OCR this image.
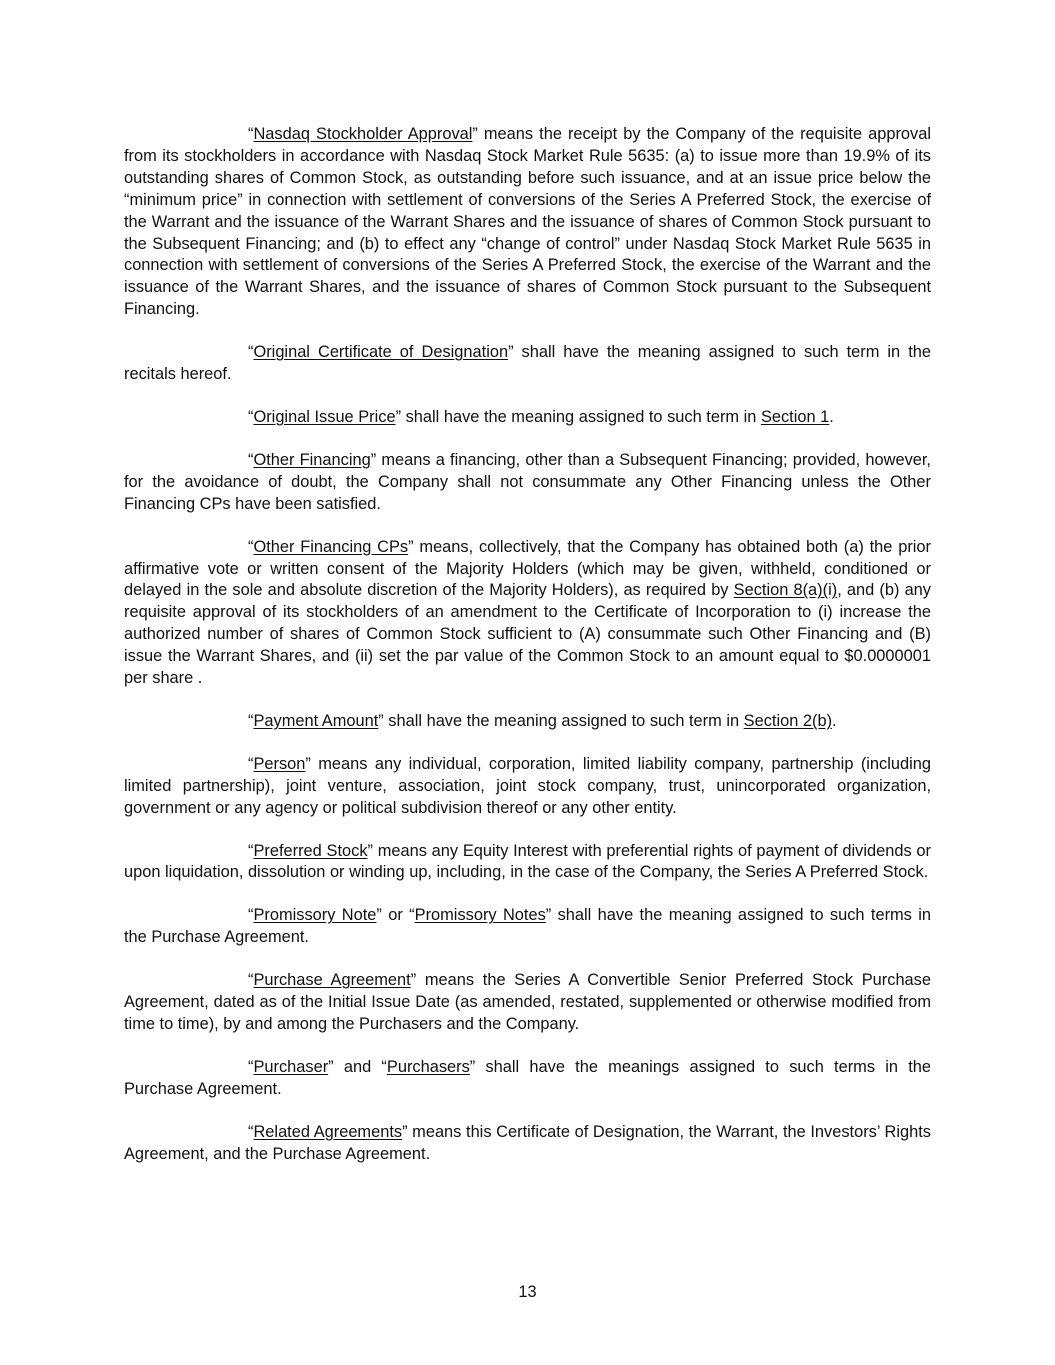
“Nasdaq Stockholder Approval” means the receipt by the Company of the requisite approval from its stockholders in accordance with Nasdaq Stock Market Rule 5635: (a) to issue more than 19.9% of its outstanding shares of Common Stock, as outstanding before such issuance, and at an issue price below the “minimum price” in connection with settlement of conversions of the Series A Preferred Stock, the exercise of the Warrant and the issuance of the Warrant Shares and the issuance of shares of Common Stock pursuant to the Subsequent Financing; and (b) to effect any “change of control” under Nasdaq Stock Market Rule 5635 in connection with settlement of conversions of the Series A Preferred Stock, the exercise of the Warrant and the issuance of the Warrant Shares, and the issuance of shares of Common Stock pursuant to the Subsequent Financing.

“Original Certificate of Designation” shall have the meaning assigned to such term in the recitals hereof.

“Original Issue Price” shall have the meaning assigned to such term in Section 1.

“Other Financing” means a financing, other than a Subsequent Financing; provided, however, for the avoidance of doubt, the Company shall not consummate any Other Financing unless the Other Financing CPs have been satisfied.

“Other Financing CPs” means, collectively, that the Company has obtained both (a) the prior affirmative vote or written consent of the Majority Holders (which may be given, withheld, conditioned or delayed in the sole and absolute discretion of the Majority Holders), as required by Section 8(a)(i), and (b) any requisite approval of its stockholders of an amendment to the Certificate of Incorporation to (i) increase the authorized number of shares of Common Stock sufficient to (A) consummate such Other Financing and (B) issue the Warrant Shares, and (ii) set the par value of the Common Stock to an amount equal to $0.0000001 per share .

“Payment Amount” shall have the meaning assigned to such term in Section 2(b).

“Person” means any individual, corporation, limited liability company, partnership (including limited partnership), joint venture, association, joint stock company, trust, unincorporated organization, government or any agency or political subdivision thereof or any other entity.

“Preferred Stock” means any Equity Interest with preferential rights of payment of dividends or upon liquidation, dissolution or winding up, including, in the case of the Company, the Series A Preferred Stock.

“Promissory Note” or “Promissory Notes” shall have the meaning assigned to such terms in the Purchase Agreement.

“Purchase Agreement” means the Series A Convertible Senior Preferred Stock Purchase Agreement, dated as of the Initial Issue Date (as amended, restated, supplemented or otherwise modified from time to time), by and among the Purchasers and the Company.

“Purchaser” and “Purchasers” shall have the meanings assigned to such terms in the Purchase Agreement.

“Related Agreements” means this Certificate of Designation, the Warrant, the Investors’ Rights Agreement, and the Purchase Agreement.

13
